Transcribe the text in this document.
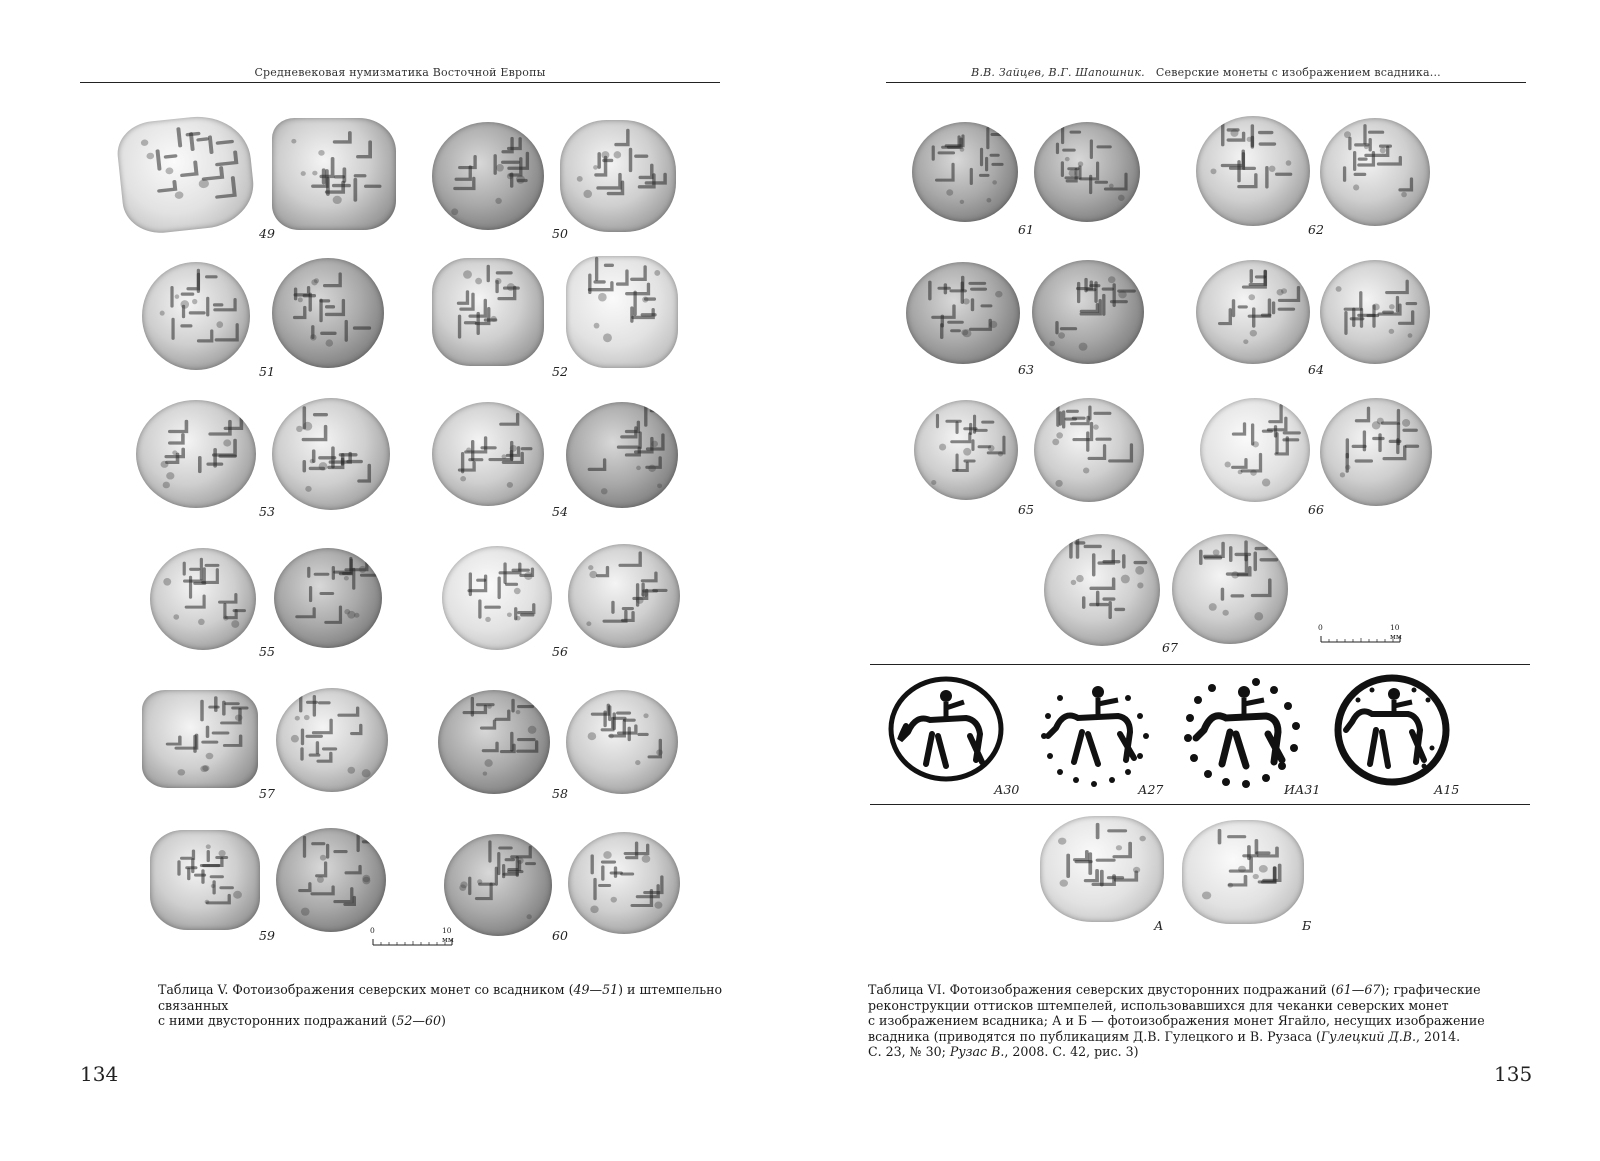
Средневековая нумизматика Восточной Европы
49	50
51	52
53	54
55	56
57	58
59	60
0	10 мм
Таблица V. Фотоизображения северских монет со всадником (49—51) и штемпельно связанных
с ними двусторонних подражаний (52—60)
134
В.В. Зайцев, В.Г. Шапошник. Северские монеты с изображением всадника...
61	62
63	64
65	66
67
0	10 мм
А30	А27	ИА31	А15
А	Б
Таблица VI. Фотоизображения северских двусторонних подражаний (61—67); графические
реконструкции оттисков штемпелей, использовавшихся для чеканки северских монет
с изображением всадника; А и Б — фотоизображения монет Ягайло, несущих изображение
всадника (приводятся по публикациям Д.В. Гулецкого и В. Рузаса (Гулецкий Д.В., 2014.
С. 23, № 30; Рузас В., 2008. С. 42, рис. 3)
135
